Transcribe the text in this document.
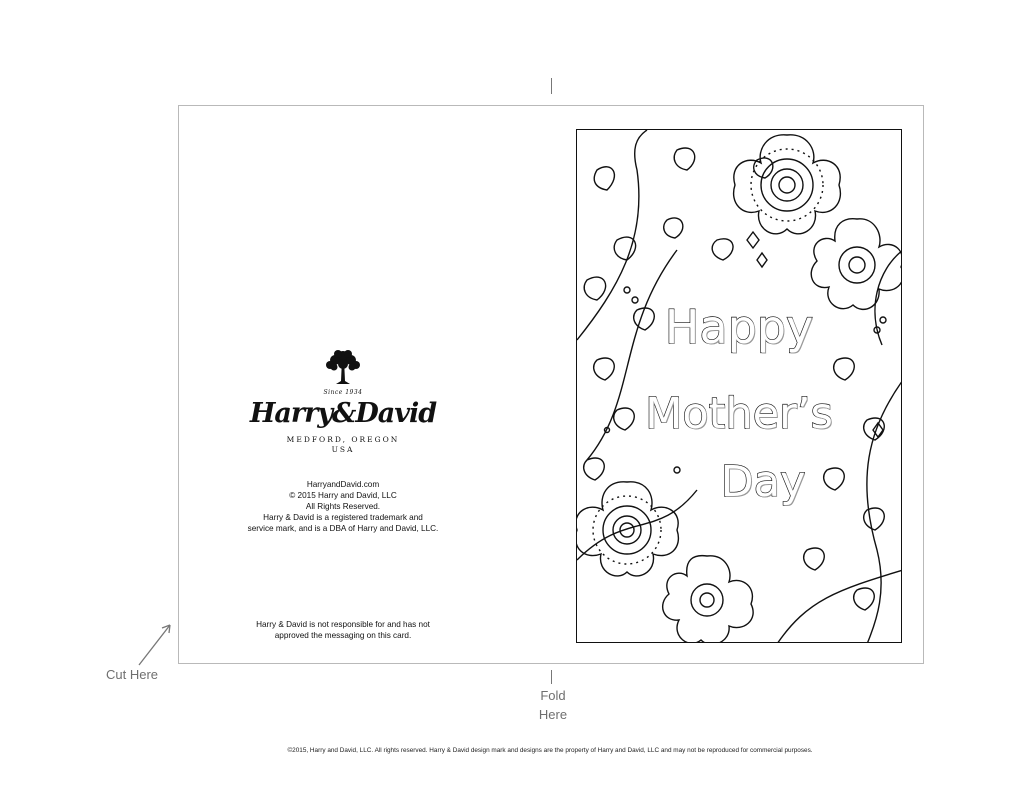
Since 1934
Harry&David
MEDFORD, OREGON
USA
HarryandDavid.com
© 2015 Harry and David, LLC
All Rights Reserved.
Harry & David is a registered trademark and
service mark, and is a DBA of Harry and David, LLC.
Harry & David is not responsible for and has not
approved the messaging on this card.
Happy
Mother’s
Day
Cut Here
Fold
Here
©2015, Harry and David, LLC. All rights reserved. Harry & David design mark and designs are the property of Harry and David, LLC and may not be reproduced for commercial purposes.
